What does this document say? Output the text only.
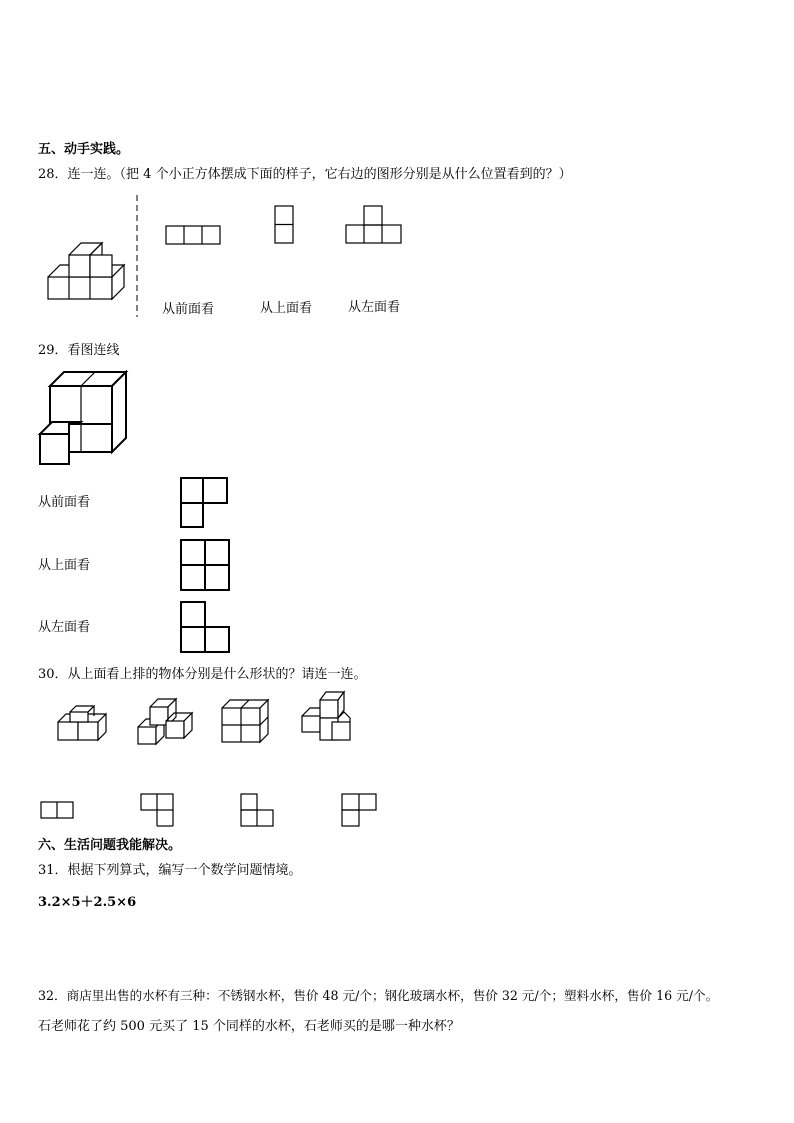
五、动手实践。
28．连一连。（把 4 个小正方体摆成下面的样子，它右边的图形分别是从什么位置看到的？）
从前面看	从上面看	从左面看
29．看图连线
从前面看
从上面看
从左面看
30．从上面看上排的物体分别是什么形状的？请连一连。
六、生活问题我能解决。
31．根据下列算式，编写一个数学问题情境。
3.2×5＋2.5×6
32．商店里出售的水杯有三种：不锈钢水杯，售价 48 元/个；钢化玻璃水杯，售价 32 元/个；塑料水杯，售价 16 元/个。
石老师花了约 500 元买了 15 个同样的水杯，石老师买的是哪一种水杯？
